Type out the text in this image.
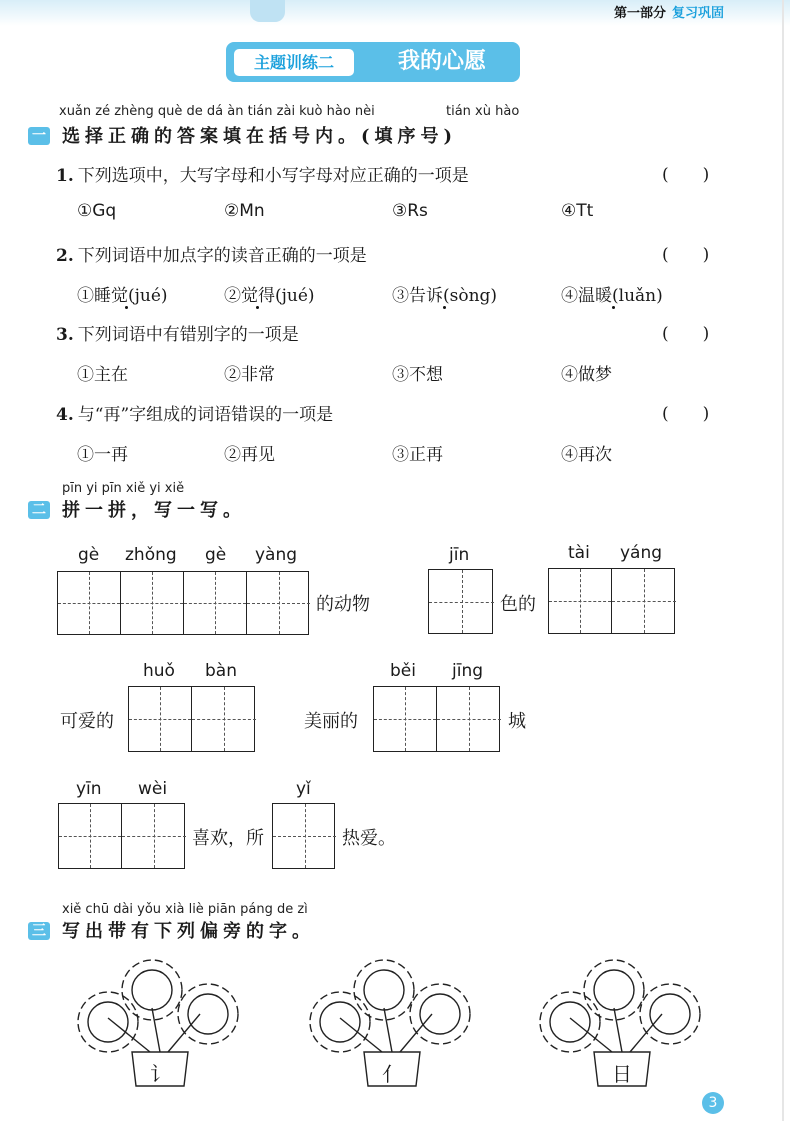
第一部分 复习巩固
主题训练二	我的心愿
xuǎn zé zhèng què de dá àn tián zài kuò hào nèi	tián xù hào
一 选择正确的答案填在括号内。(填序号)
1. 下列选项中，大写字母和小写字母对应正确的一项是	(　　)
①Gq	②Mn	③Rs	④Tt
2. 下列词语中加点字的读音正确的一项是	(　　)
①睡觉(jué)	②觉得(jué)	③告诉(sòng)	④温暖(luǎn)
3. 下列词语中有错别字的一项是	(　　)
①主在	②非常	③不想	④做梦
4. 与“再”字组成的词语错误的一项是	(　　)
①一再	②再见	③正再	④再次
pīn yi pīn xiě yi xiě
二 拼一拼，写一写。
gè zhǒng gè yàng
的动物
jīn
色的
tài yáng
可爱的
huǒ bàn
美丽的
běi jīng
城
yīn wèi
喜欢，所
yǐ
热爱。
xiě chū dài yǒu xià liè piān páng de zì
三 写出带有下列偏旁的字。
讠	亻	日
3
